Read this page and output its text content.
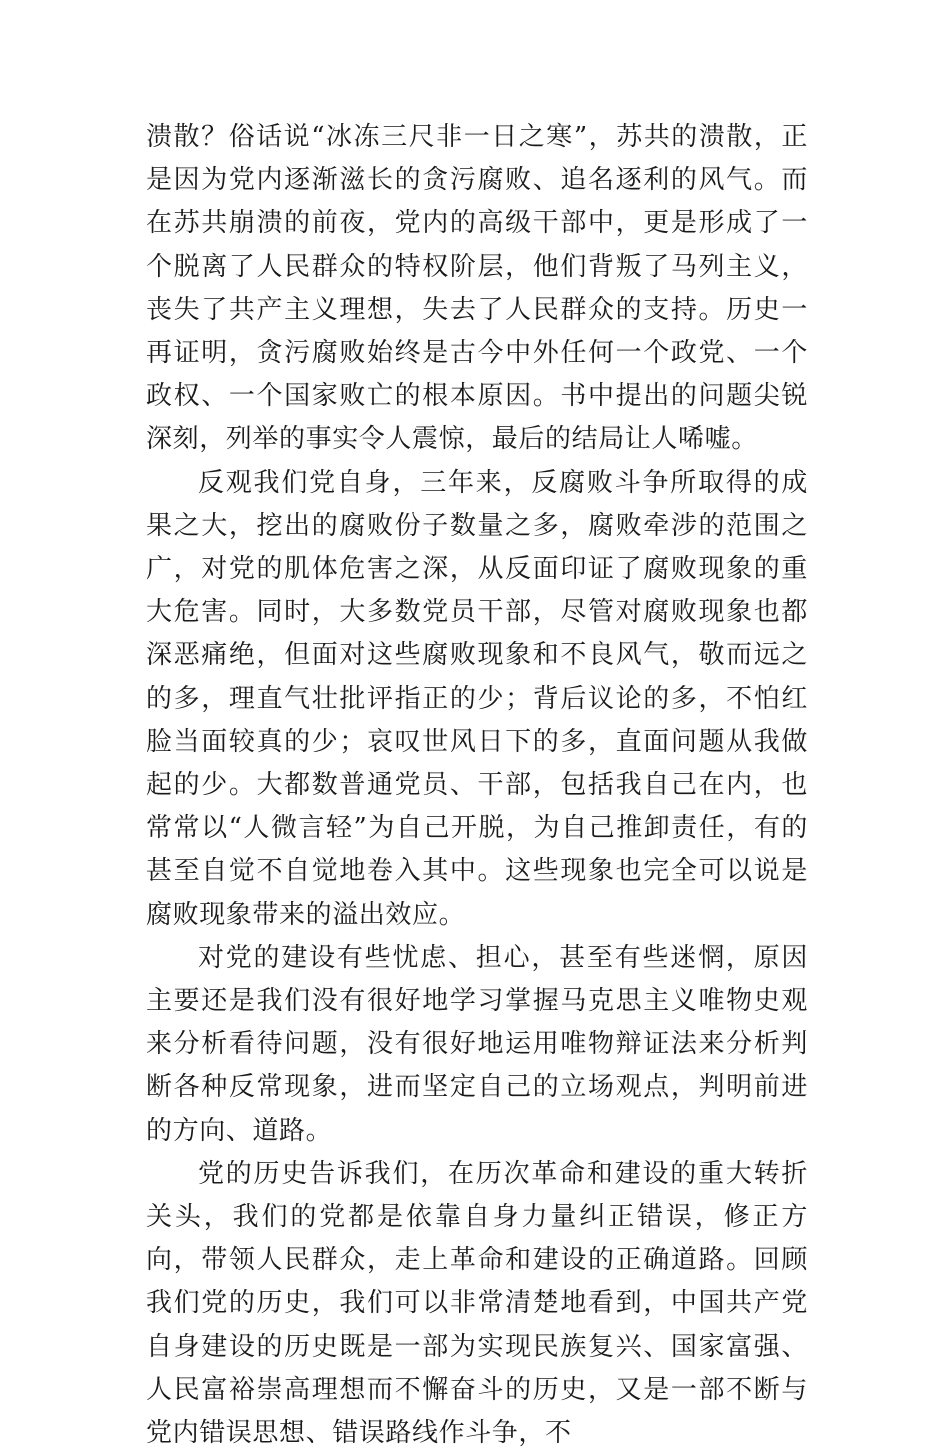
溃散？俗话说“冰冻三尺非一日之寒”，苏共的溃散，正是因为党内逐渐滋长的贪污腐败、追名逐利的风气。而在苏共崩溃的前夜，党内的高级干部中，更是形成了一个脱离了人民群众的特权阶层，他们背叛了马列主义，丧失了共产主义理想，失去了人民群众的支持。历史一再证明，贪污腐败始终是古今中外任何一个政党、一个政权、一个国家败亡的根本原因。书中提出的问题尖锐深刻，列举的事实令人震惊，最后的结局让人唏嘘。

反观我们党自身，三年来，反腐败斗争所取得的成果之大，挖出的腐败份子数量之多，腐败牵涉的范围之广，对党的肌体危害之深，从反面印证了腐败现象的重大危害。同时，大多数党员干部，尽管对腐败现象也都深恶痛绝，但面对这些腐败现象和不良风气，敬而远之的多，理直气壮批评指正的少；背后议论的多，不怕红脸当面较真的少；哀叹世风日下的多，直面问题从我做起的少。大都数普通党员、干部，包括我自己在内，也常常以“人微言轻”为自己开脱，为自己推卸责任，有的甚至自觉不自觉地卷入其中。这些现象也完全可以说是腐败现象带来的溢出效应。

对党的建设有些忧虑、担心，甚至有些迷惘，原因主要还是我们没有很好地学习掌握马克思主义唯物史观来分析看待问题，没有很好地运用唯物辩证法来分析判断各种反常现象，进而坚定自己的立场观点，判明前进的方向、道路。

党的历史告诉我们，在历次革命和建设的重大转折关头，我们的党都是依靠自身力量纠正错误，修正方向，带领人民群众，走上革命和建设的正确道路。回顾我们党的历史，我们可以非常清楚地看到，中国共产党自身建设的历史既是一部为实现民族复兴、国家富强、人民富裕崇高理想而不懈奋斗的历史，又是一部不断与党内错误思想、错误路线作斗争，不
